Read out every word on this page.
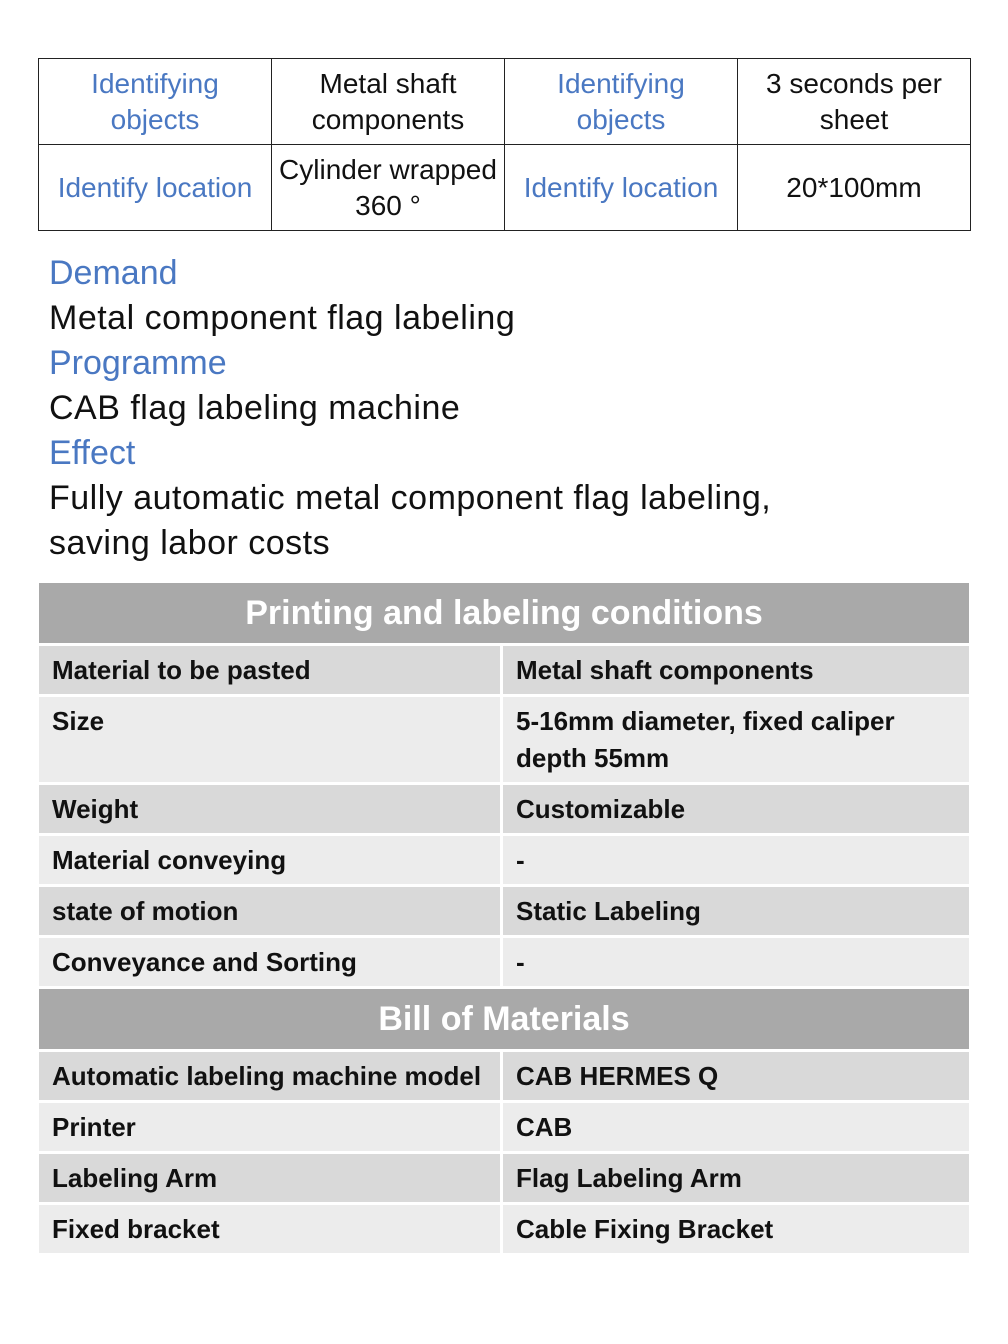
Identifying objects	Metal shaft components	Identifying objects	3 seconds per sheet
Identify location	Cylinder wrapped 360 °	Identify location	20*100mm
Demand
Metal component flag labeling
Programme
CAB flag labeling machine
Effect
Fully automatic metal component flag labeling,
saving labor costs
Printing and labeling conditions
Material to be pasted	Metal shaft components
Size	5-16mm diameter, fixed caliper depth 55mm
Weight	Customizable
Material conveying	-
state of motion	Static Labeling
Conveyance and Sorting	-
Bill of Materials
Automatic labeling machine model	CAB HERMES Q
Printer	CAB
Labeling Arm	Flag Labeling Arm
Fixed bracket	Cable Fixing Bracket
